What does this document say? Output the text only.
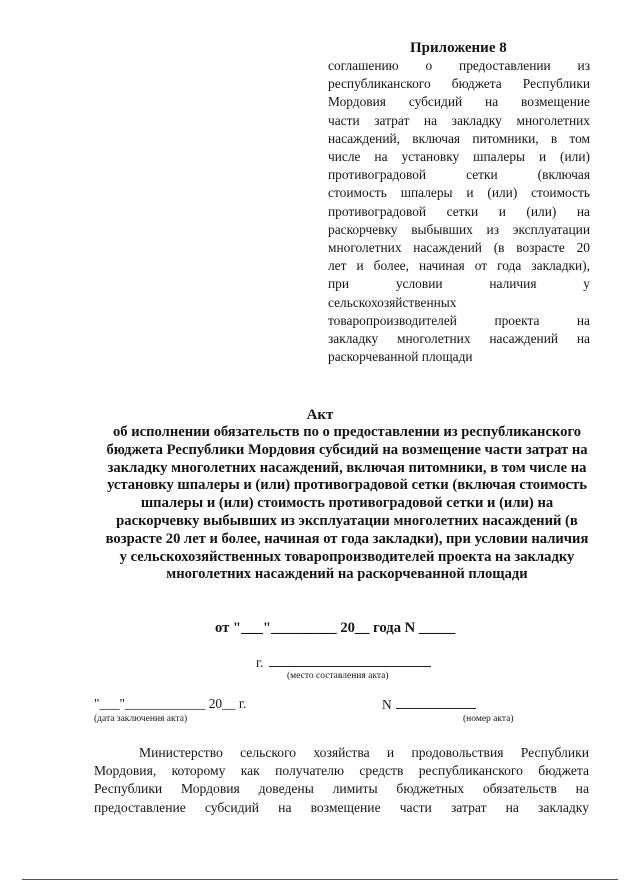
Приложение 8
соглашению о предоставлении из
республиканского бюджета Республики
Мордовия субсидий на возмещение
части затрат на закладку многолетних
насаждений, включая питомники, в том
числе на установку шпалеры и (или)
противоградовой сетки (включая
стоимость шпалеры и (или) стоимость
противоградовой сетки и (или) на
раскорчевку выбывших из эксплуатации
многолетних насаждений (в возрасте 20
лет и более, начиная от года закладки),
при условии наличия у
сельскохозяйственных
товаропроизводителей проекта на
закладку многолетних насаждений на
раскорчеванной площади
Акт
об исполнении обязательств по о предоставлении из республиканского
бюджета Республики Мордовия субсидий на возмещение части затрат на
закладку многолетних насаждений, включая питомники, в том числе на
установку шпалеры и (или) противоградовой сетки (включая стоимость
шпалеры и (или) стоимость противоградовой сетки и (или) на
раскорчевку выбывших из эксплуатации многолетних насаждений (в
возрасте 20 лет и более, начиная от года закладки), при условии наличия
у сельскохозяйственных товаропроизводителей проекта на закладку
многолетних насаждений на раскорчеванной площади
от "___"_________ 20__ года N _____
г.
(место составления акта)
"___"____________ 20__ г.	N
(дата заключения акта)	(номер акта)
Министерство сельского хозяйства и продовольствия Республики
Мордовия, которому как получателю средств республиканского бюджета
Республики Мордовия доведены лимиты бюджетных обязательств на
предоставление субсидий на возмещение части затрат на закладку
